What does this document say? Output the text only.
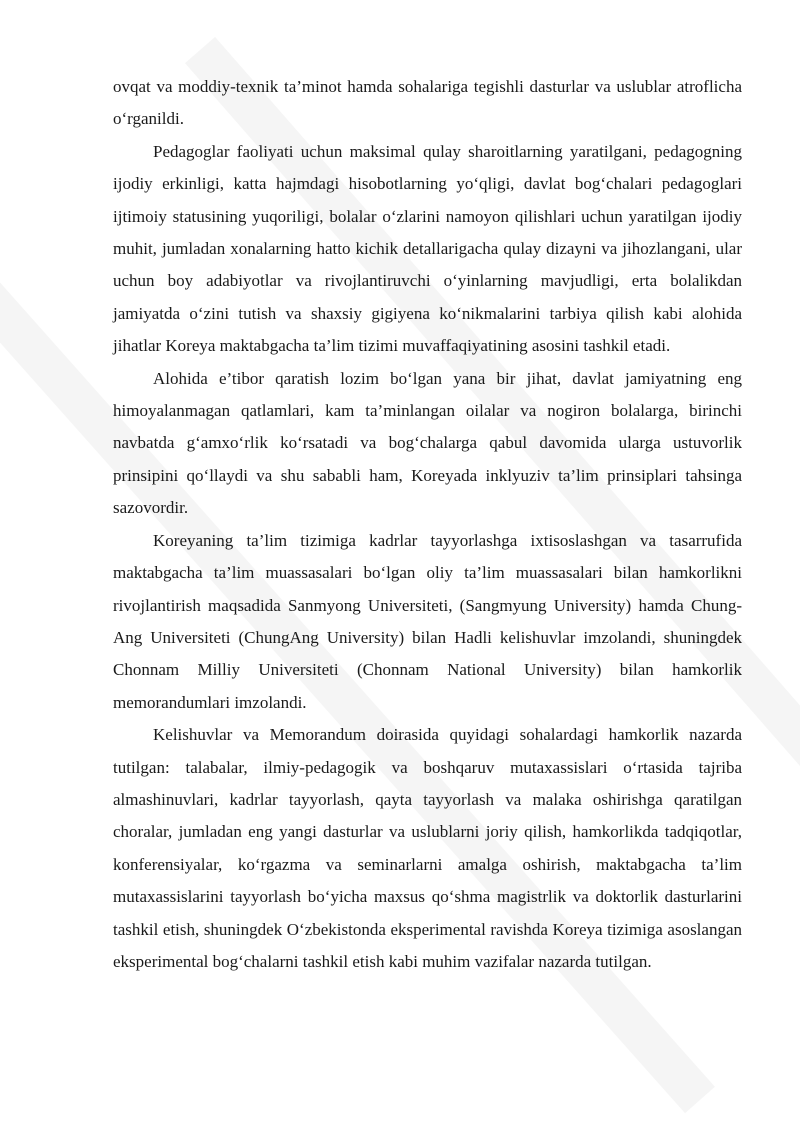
ovqat va moddiy-texnik ta’minot hamda sohalariga tegishli dasturlar va uslublar atroflicha o‘rganildi.

Pedagoglar faoliyati uchun maksimal qulay sharoitlarning yaratilgani, pedagogning ijodiy erkinligi, katta hajmdagi hisobotlarning yo‘qligi, davlat bog‘chalari pedagoglari ijtimoiy statusining yuqoriligi, bolalar o‘zlarini namoyon qilishlari uchun yaratilgan ijodiy muhit, jumladan xonalarning hatto kichik detallarigacha qulay dizayni va jihozlangani, ular uchun boy adabiyotlar va rivojlantiruvchi o‘yinlarning mavjudligi, erta bolalikdan jamiyatda o‘zini tutish va shaxsiy gigiyena ko‘nikmalarini tarbiya qilish kabi alohida jihatlar Koreya maktabgacha ta’lim tizimi muvaffaqiyatining asosini tashkil etadi.

Alohida e’tibor qaratish lozim bo‘lgan yana bir jihat, davlat jamiyatning eng himoyalanmagan qatlamlari, kam ta’minlangan oilalar va nogiron bolalarga, birinchi navbatda g‘amxo‘rlik ko‘rsatadi va bog‘chalarga qabul davomida ularga ustuvorlik prinsipini qo‘llaydi va shu sababli ham, Koreyada inklyuziv ta’lim prinsiplari tahsinga sazovordir.

Koreyaning ta’lim tizimiga kadrlar tayyorlashga ixtisoslashgan va tasarrufida maktabgacha ta’lim muassasalari bo‘lgan oliy ta’lim muassasalari bilan hamkorlikni rivojlantirish maqsadida Sanmyong Universiteti, (Sangmyung University) hamda Chung-Ang Universiteti (ChungAng University) bilan Hadli kelishuvlar imzolandi, shuningdek Chonnam Milliy Universiteti (Chonnam National University) bilan hamkorlik memorandumlari imzolandi.

Kelishuvlar va Memorandum doirasida quyidagi sohalardagi hamkorlik nazarda tutilgan: talabalar, ilmiy-pedagogik va boshqaruv mutaxassislari o‘rtasida tajriba almashinuvlari, kadrlar tayyorlash, qayta tayyorlash va malaka oshirishga qaratilgan choralar, jumladan eng yangi dasturlar va uslublarni joriy qilish, hamkorlikda tadqiqotlar, konferensiyalar, ko‘rgazma va seminarlarni amalga oshirish, maktabgacha ta’lim mutaxassislarini tayyorlash bo‘yicha maxsus qo‘shma magistrlik va doktorlik dasturlarini tashkil etish, shuningdek O‘zbekistonda eksperimental ravishda Koreya tizimiga asoslangan eksperimental bog‘chalarni tashkil etish kabi muhim vazifalar nazarda tutilgan.
